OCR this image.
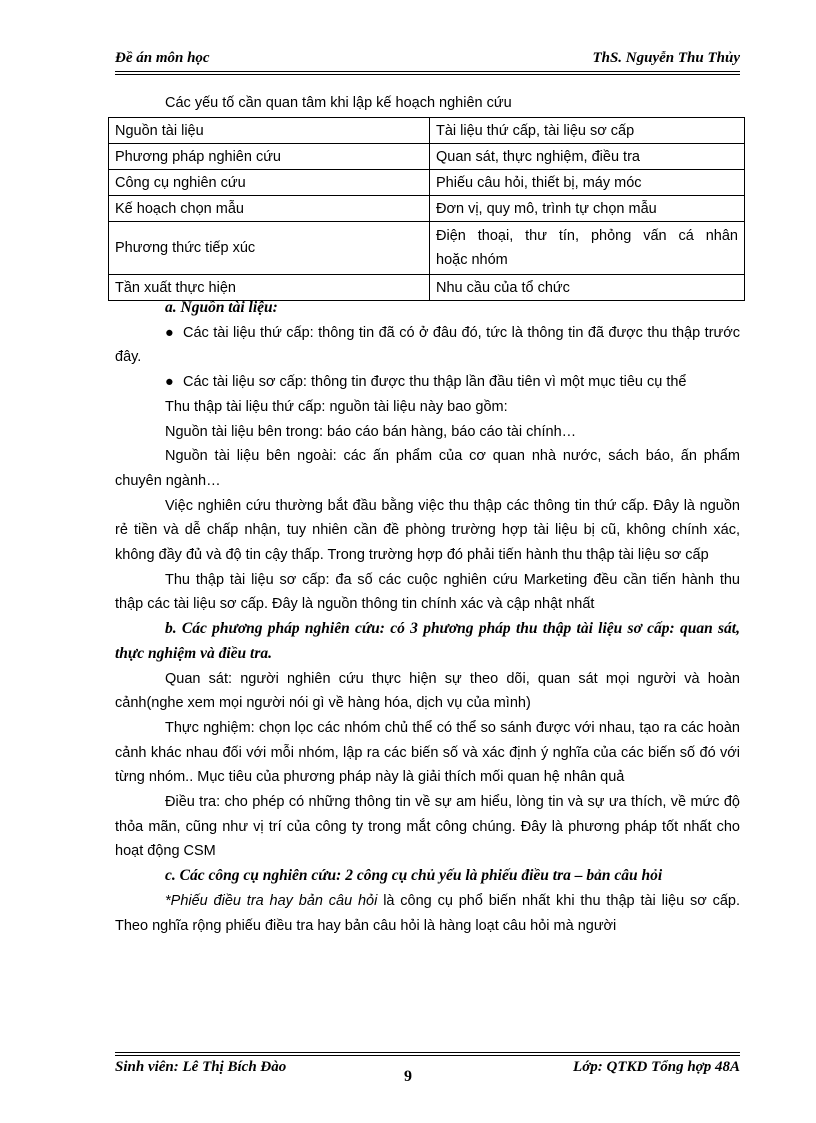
Đề án môn học	ThS. Nguyễn Thu Thủy
Các yếu tố cần quan tâm khi lập kế hoạch nghiên cứu
Nguồn tài liệu	Tài liệu thứ cấp, tài liệu sơ cấp
Phương pháp nghiên cứu	Quan sát, thực nghiệm, điều tra
Công cụ nghiên cứu	Phiếu câu hỏi, thiết bị, máy móc
Kế hoạch chọn mẫu	Đơn vị, quy mô, trình tự chọn mẫu
Phương thức tiếp xúc	Điện thoại, thư tín, phỏng vấn cá nhân
hoặc nhóm

Tần xuất thực hiện	Nhu cầu của tổ chức

a. Nguồn tài liệu:

● Các tài liệu thứ cấp: thông tin đã có ở đâu đó, tức là thông tin đã được thu thập trước đây.

● Các tài liệu sơ cấp: thông tin được thu thập lần đầu tiên vì một mục tiêu cụ thể

Thu thập tài liệu thứ cấp: nguồn tài liệu này bao gồm:

Nguồn tài liệu bên trong: báo cáo bán hàng, báo cáo tài chính…

Nguồn tài liệu bên ngoài: các ấn phẩm của cơ quan nhà nước, sách báo, ấn phẩm chuyên ngành…

Việc nghiên cứu thường bắt đầu bằng việc thu thập các thông tin thứ cấp. Đây là nguồn rẻ tiền và dễ chấp nhận, tuy nhiên cần đề phòng trường hợp tài liệu bị cũ, không chính xác, không đầy đủ và độ tin cậy thấp. Trong trường hợp đó phải tiến hành thu thập tài liệu sơ cấp

Thu thập tài liệu sơ cấp: đa số các cuộc nghiên cứu Marketing đều cần tiến hành thu thập các tài liệu sơ cấp. Đây là nguồn thông tin chính xác và cập nhật nhất

b. Các phương pháp nghiên cứu: có 3 phương pháp thu thập tài liệu sơ cấp: quan sát, thực nghiệm và điều tra.

Quan sát: người nghiên cứu thực hiện sự theo dõi, quan sát mọi người và hoàn cảnh(nghe xem mọi người nói gì về hàng hóa, dịch vụ của mình)

Thực nghiệm: chọn lọc các nhóm chủ thể có thể so sánh được với nhau, tạo ra các hoàn cảnh khác nhau đối với mỗi nhóm, lập ra các biến số và xác định ý nghĩa của các biến số đó với từng nhóm.. Mục tiêu của phương pháp này là giải thích mối quan hệ nhân quả

Điều tra: cho phép có những thông tin về sự am hiểu, lòng tin và sự ưa thích, về mức độ thỏa mãn, cũng như vị trí của công ty trong mắt công chúng. Đây là phương pháp tốt nhất cho hoạt động CSM

c. Các công cụ nghiên cứu: 2 công cụ chủ yếu là phiếu điều tra – bản câu hỏi

*Phiếu điều tra hay bản câu hỏi là công cụ phổ biến nhất khi thu thập tài liệu sơ cấp. Theo nghĩa rộng phiếu điều tra hay bản câu hỏi là hàng loạt câu hỏi mà người

Sinh viên: Lê Thị Bích Đào	Lớp: QTKD Tổng hợp 48A
9
